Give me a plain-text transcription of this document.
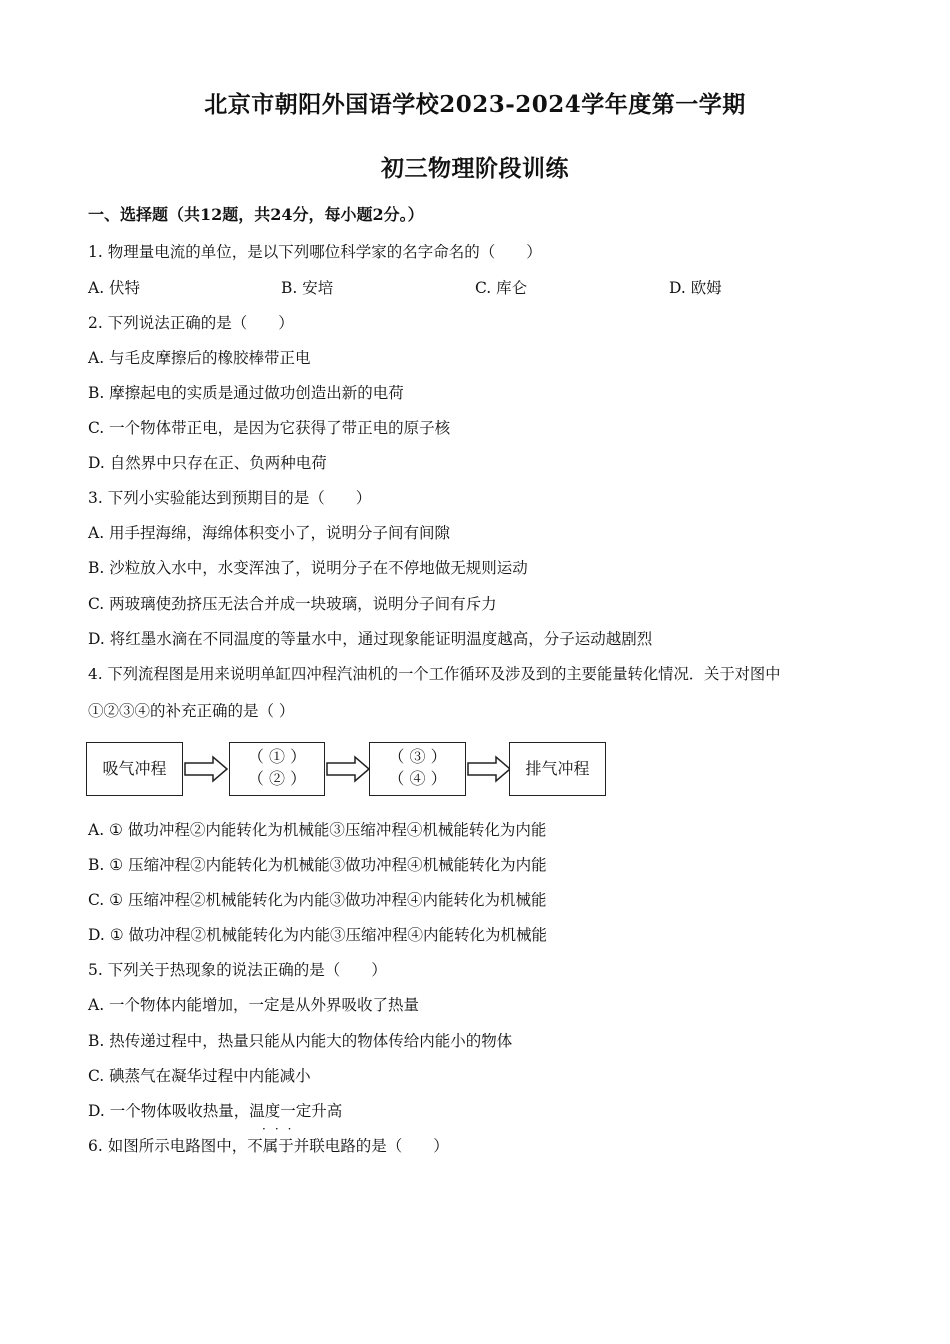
北京市朝阳外国语学校2023-2024学年度第一学期
初三物理阶段训练
一、选择题（共12题，共24分，每小题2分。）
1. 物理量电流的单位，是以下列哪位科学家的名字命名的（　　）
A. 伏特	B. 安培	C. 库仑	D. 欧姆
2. 下列说法正确的是（　　）
A. 与毛皮摩擦后的橡胶棒带正电
B. 摩擦起电的实质是通过做功创造出新的电荷
C. 一个物体带正电，是因为它获得了带正电的原子核
D. 自然界中只存在正、负两种电荷
3. 下列小实验能达到预期目的是（　　）
A. 用手捏海绵，海绵体积变小了，说明分子间有间隙
B. 沙粒放入水中，水变浑浊了，说明分子在不停地做无规则运动
C. 两玻璃使劲挤压无法合并成一块玻璃，说明分子间有斥力
D. 将红墨水滴在不同温度的等量水中，通过现象能证明温度越高，分子运动越剧烈
4. 下列流程图是用来说明单缸四冲程汽油机的一个工作循环及涉及到的主要能量转化情况．关于对图中
①②③④的补充正确的是（ ）
吸气冲程
（ ① ）
（ ② ）
（ ③ ）
（ ④ ）
排气冲程
A. ① 做功冲程②内能转化为机械能③压缩冲程④机械能转化为内能
B. ① 压缩冲程②内能转化为机械能③做功冲程④机械能转化为内能
C. ① 压缩冲程②机械能转化为内能③做功冲程④内能转化为机械能
D. ① 做功冲程②机械能转化为内能③压缩冲程④内能转化为机械能
5. 下列关于热现象的说法正确的是（　　）
A. 一个物体内能增加，一定是从外界吸收了热量
B. 热传递过程中，热量只能从内能大的物体传给内能小的物体
C. 碘蒸气在凝华过程中内能减小
D. 一个物体吸收热量，温度一定升高
···
6. 如图所示电路图中，不属于并联电路的是（　　）
